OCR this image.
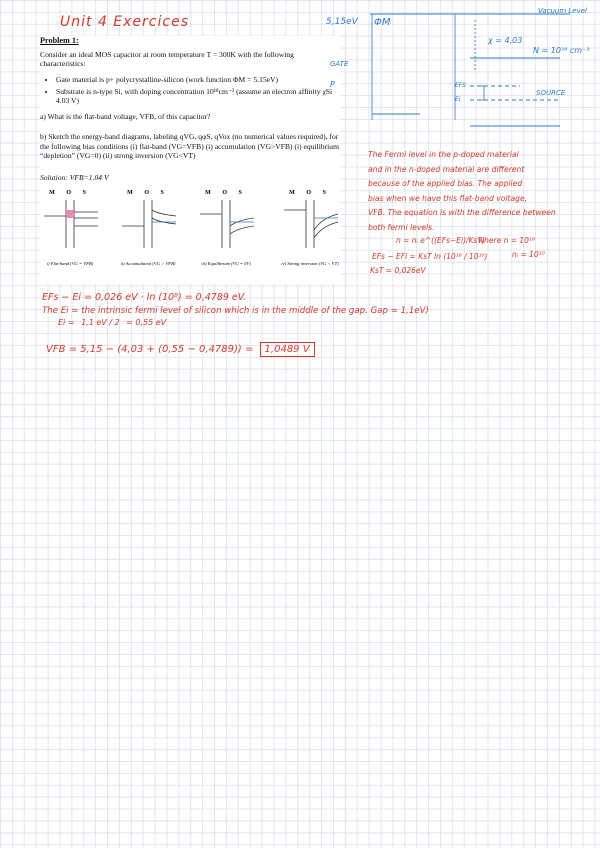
Unit 4 Exercices
Problem 1:
Consider an ideal MOS capacitor at room temperature T = 300K with the following characteristics:
• Gate material is p+ polycrystalline-silicon (work function ΦM = 5.15eV)
• Substrate is n-type Si, with doping concentration 10¹⁸cm⁻³ (assume an electron affinity χSi 4.03 V)
a) What is the flat-band voltage, VFB, of this capacitor?
b) Sketch the energy-band diagrams, labeling qVG, qφS, qVox (no numerical values required), for the following bias conditions (i) flat-band (VG=VFB) (i) accumulation (VG>VFB) (i) equilibrium “depletion” (VG=0) (ii) strong inversion (VG<VT)
Solution: VFB=1.04 V
M O S
i) Flat-band (VG = VFB)
M O S
ii) Accumulation (VG > VFB)
M O S
iii) Equilibrium (VG = 0V)
M O S
iv) Strong inversion (VG < VT)
5,15eV ΦM
Vacuum Level
χ = 4,03
N = 10¹⁸ cm⁻³
GATE
P	EFS
Ei
SOURCE
The Fermi level in the p-doped material
and in the n-doped material are different
because of the applied bias. The applied
bias when we have this flat-band voltage,
VFB. The equation is with the difference between
both fermi levels.
n = nᵢ e^((EFs−Ei)/KsT)
where n = 10¹⁸
nᵢ = 10¹⁰
EFs − EFi = KsT ln (10¹⁸ / 10¹⁰)
KsT = 0,026eV
EFs − Ei = 0,026 eV · ln (10⁸) = 0,4789 eV.
The Ei = the intrinsic fermi level of silicon which is in the middle of the gap. Gap = 1,1eV)
Ei = 1,1 eV / 2 = 0,55 eV
VFB = 5,15 − (4,03 + (0,55 − 0,4789)) = 1,0489 V
